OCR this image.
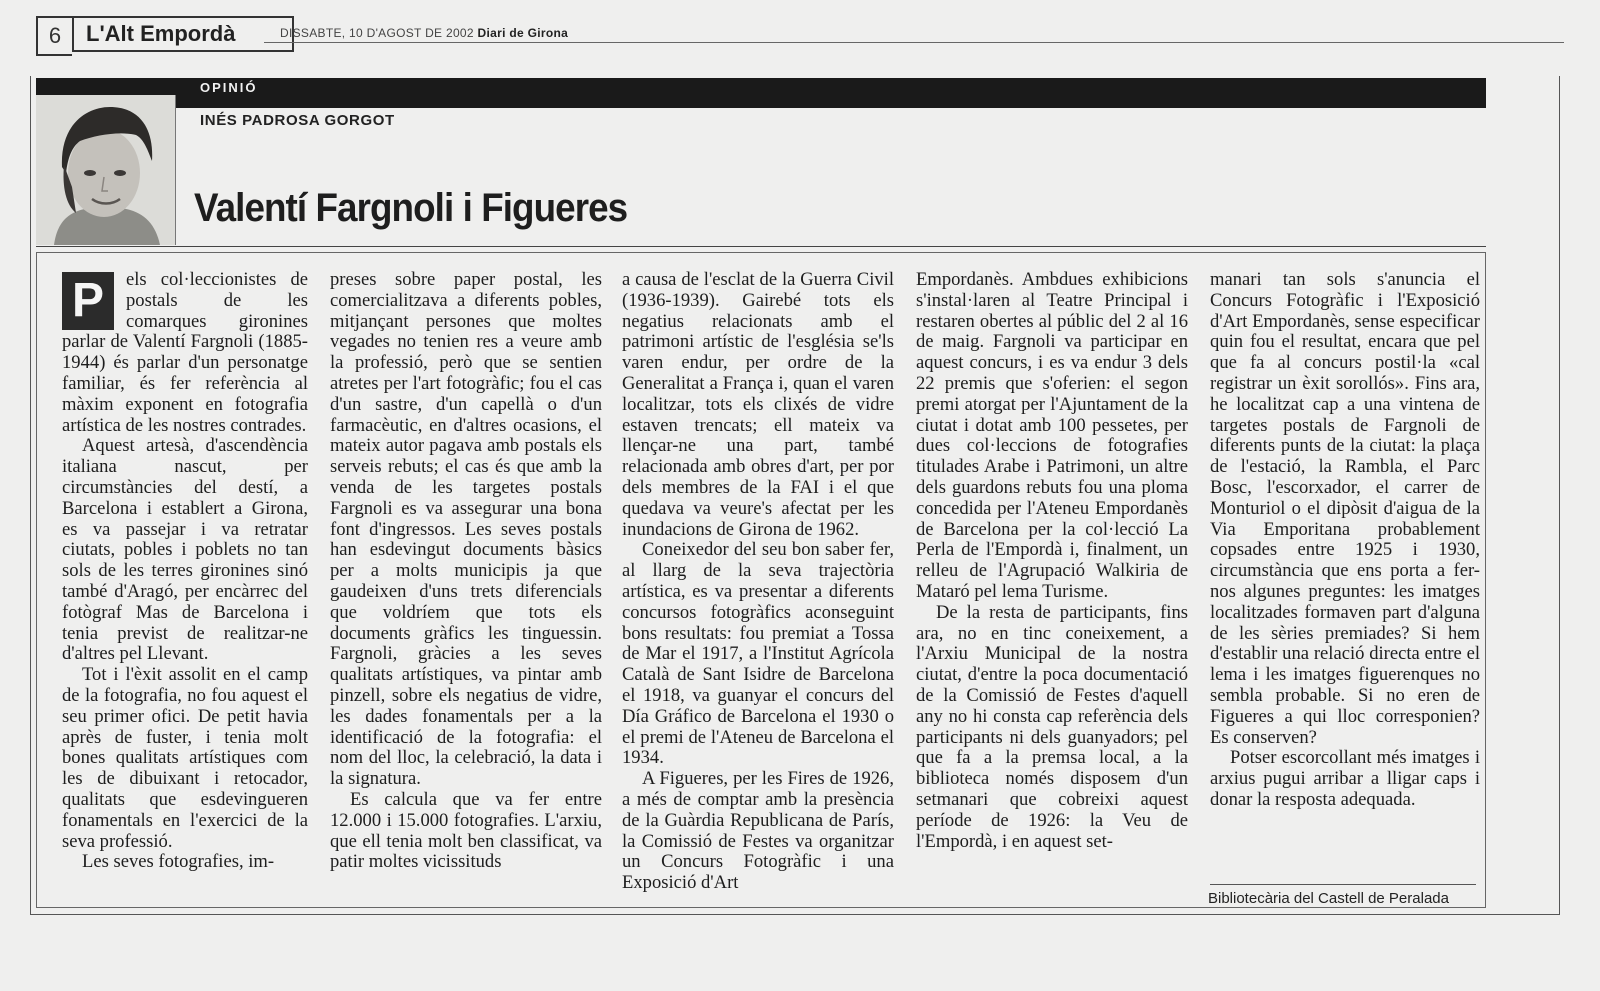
6	L'Alt Empordà	DISSABTE, 10 D'AGOST DE 2002 Diari de Girona
OPINIÓ
INÉS PADROSA GORGOT
Valentí Fargnoli i Figueres

P	els col·leccionistes de postals de les comarques gironines parlar de Valentí Fargnoli (1885-1944) és parlar d'un personatge familiar, és fer referència al màxim exponent en fotografia artística de les nostres contrades.

Aquest artesà, d'ascendència italiana nascut, per circumstàncies del destí, a Barcelona i establert a Girona, es va passejar i va retratar ciutats, pobles i poblets no tan sols de les terres gironines sinó també d'Aragó, per encàrrec del fotògraf Mas de Barcelona i tenia previst de realitzar-ne d'altres pel Llevant.

Tot i l'èxit assolit en el camp de la fotografia, no fou aquest el seu primer ofici. De petit havia après de fuster, i tenia molt bones qualitats artístiques com les de dibuixant i retocador, qualitats que esdevingueren fonamentals en l'exercici de la seva professió.

Les seves fotografies, im-

preses sobre paper postal, les comercialitzava a diferents pobles, mitjançant persones que moltes vegades no tenien res a veure amb la professió, però que se sentien atretes per l'art fotogràfic; fou el cas d'un sastre, d'un capellà o d'un farmacèutic, en d'altres ocasions, el mateix autor pagava amb postals els serveis rebuts; el cas és que amb la venda de les targetes postals Fargnoli es va assegurar una bona font d'ingressos. Les seves postals han esdevingut documents bàsics per a molts municipis ja que gaudeixen d'uns trets diferencials que voldríem que tots els documents gràfics les tinguessin. Fargnoli, gràcies a les seves qualitats artístiques, va pintar amb pinzell, sobre els negatius de vidre, les dades fonamentals per a la identificació de la fotografia: el nom del lloc, la celebració, la data i la signatura.

Es calcula que va fer entre 12.000 i 15.000 fotografies. L'arxiu, que ell tenia molt ben classificat, va patir moltes vicissituds

a causa de l'esclat de la Guerra Civil (1936-1939). Gairebé tots els negatius relacionats amb el patrimoni artístic de l'església se'ls varen endur, per ordre de la Generalitat a França i, quan el varen localitzar, tots els clixés de vidre estaven trencats; ell mateix va llençar-ne una part, també relacionada amb obres d'art, per por dels membres de la FAI i el que quedava va veure's afectat per les inundacions de Girona de 1962.

Coneixedor del seu bon saber fer, al llarg de la seva trajectòria artística, es va presentar a diferents concursos fotogràfics aconseguint bons resultats: fou premiat a Tossa de Mar el 1917, a l'Institut Agrícola Català de Sant Isidre de Barcelona el 1918, va guanyar el concurs del Día Gráfico de Barcelona el 1930 o el premi de l'Ateneu de Barcelona el 1934.

A Figueres, per les Fires de 1926, a més de comptar amb la presència de la Guàrdia Republicana de París, la Comissió de Festes va organitzar un Concurs Fotogràfic i una Exposició d'Art

Empordanès. Ambdues exhibicions s'instal·laren al Teatre Principal i restaren obertes al públic del 2 al 16 de maig. Fargnoli va participar en aquest concurs, i es va endur 3 dels 22 premis que s'oferien: el segon premi atorgat per l'Ajuntament de la ciutat i dotat amb 100 pessetes, per dues col·leccions de fotografies titulades Arabe i Patrimoni, un altre dels guardons rebuts fou una ploma concedida per l'Ateneu Empordanès de Barcelona per la col·lecció La Perla de l'Empordà i, finalment, un relleu de l'Agrupació Walkiria de Mataró pel lema Turisme.

De la resta de participants, fins ara, no en tinc coneixement, a l'Arxiu Municipal de la nostra ciutat, d'entre la poca documentació de la Comissió de Festes d'aquell any no hi consta cap referència dels participants ni dels guanyadors; pel que fa a la premsa local, a la biblioteca només disposem d'un setmanari que cobreixi aquest període de 1926: la Veu de l'Empordà, i en aquest set-

manari tan sols s'anuncia el Concurs Fotogràfic i l'Exposició d'Art Empordanès, sense especificar quin fou el resultat, encara que pel que fa al concurs postil·la «cal registrar un èxit sorollós». Fins ara, he localitzat cap a una vintena de targetes postals de Fargnoli de diferents punts de la ciutat: la plaça de l'estació, la Rambla, el Parc Bosc, l'escorxador, el carrer de Monturiol o el dipòsit d'aigua de la Via Emporitana probablement copsades entre 1925 i 1930, circumstància que ens porta a fer-nos algunes preguntes: les imatges localitzades formaven part d'alguna de les sèries premiades? Si hem d'establir una relació directa entre el lema i les imatges figuerenques no sembla probable. Si no eren de Figueres a qui lloc corresponien? Es conserven?

Potser escorcollant més imatges i arxius pugui arribar a lligar caps i donar la resposta adequada.

Bibliotecària del Castell de Peralada
